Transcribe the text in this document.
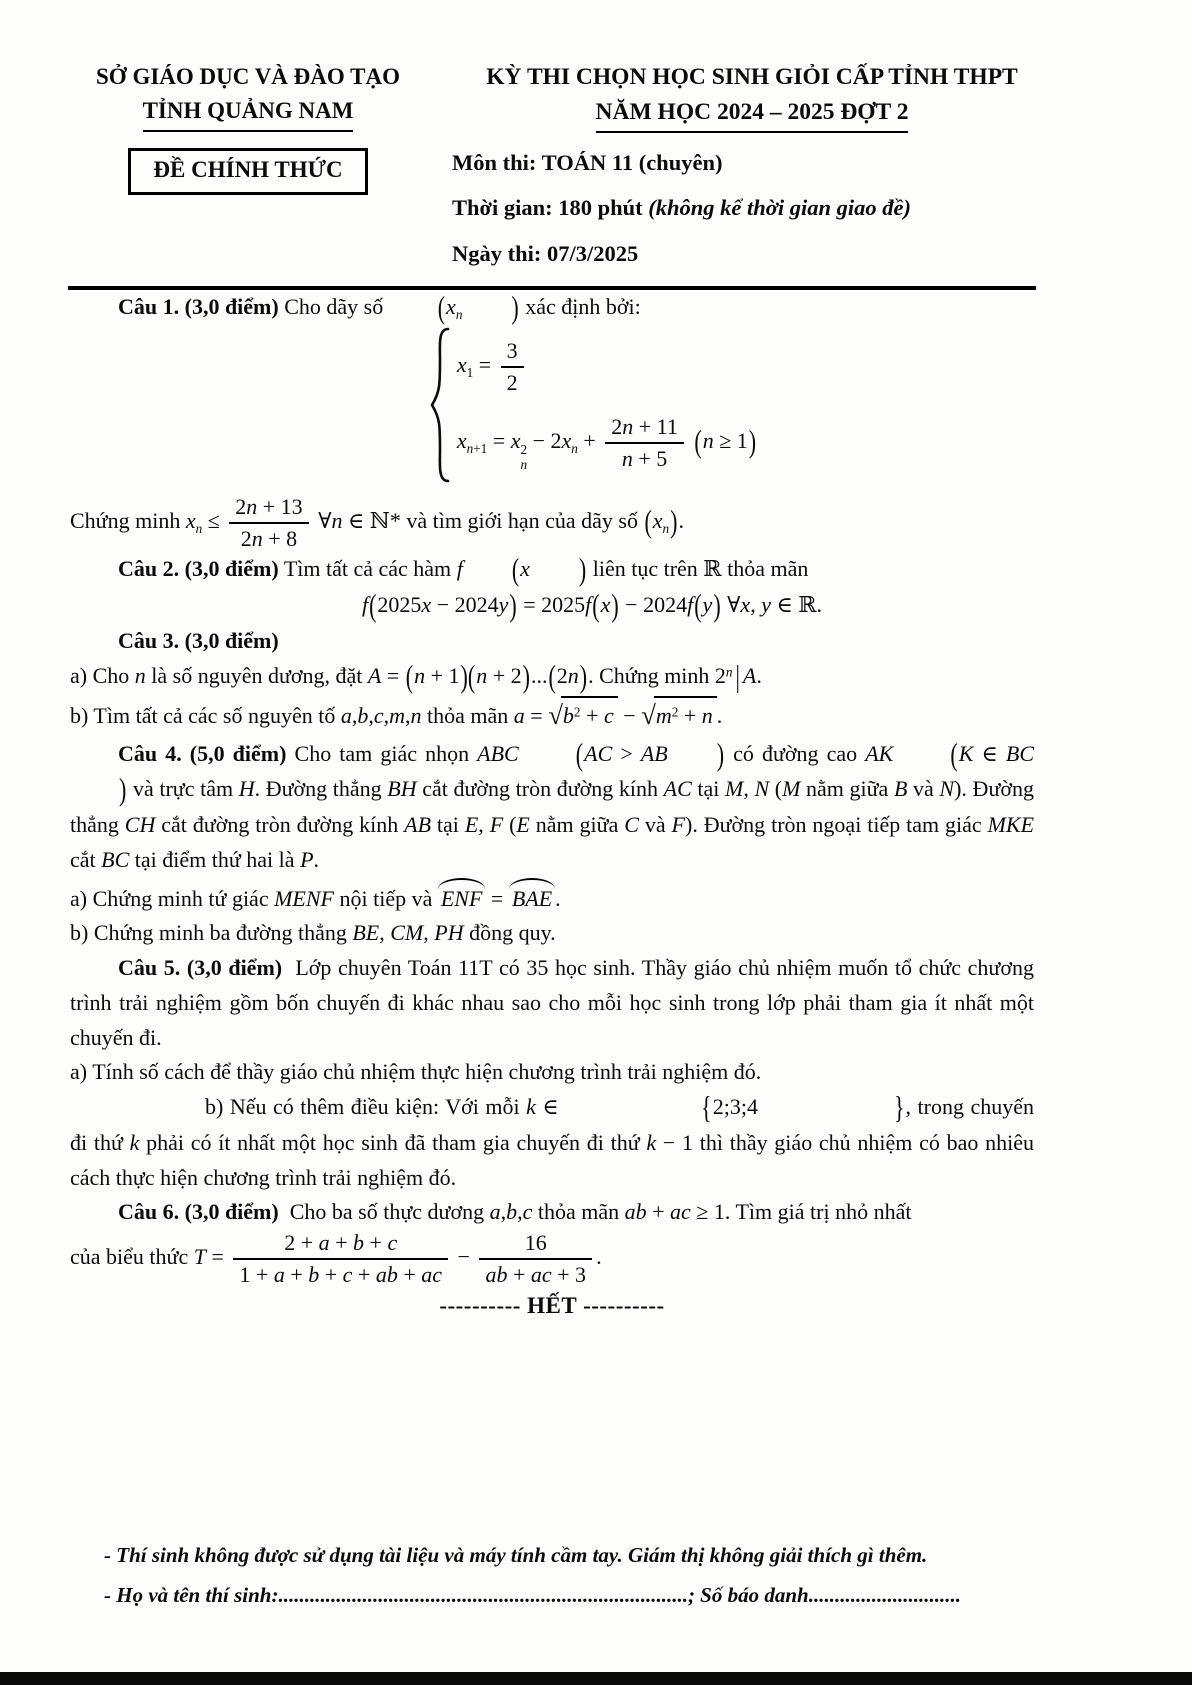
SỞ GIÁO DỤC VÀ ĐÀO TẠO
TỈNH QUẢNG NAM
ĐỀ CHÍNH THỨC
KỲ THI CHỌN HỌC SINH GIỎI CẤP TỈNH THPT
NĂM HỌC 2024 – 2025 ĐỢT 2
Môn thi: TOÁN 11 (chuyên)
Thời gian: 180 phút (không kể thời gian giao đề)
Ngày thi: 07/3/2025
Câu 1. (3,0 điểm) Cho dãy số ($x_n$ ) xác định bởi:
$x_1 = \frac{3}{2}$
$x_{n+1} = x$ 2
n
− $2x_n + \frac{2n + 11}{n + 5} (n \ge 1)$
Chứng minh $x_n \le \frac{2n + 13}{2n + 8}$ ∀n ∈ ℕ* và tìm giới hạn của dãy số $(x_n)$.
Câu 2. (3,0 điểm) Tìm tất cả các hàm f (x ) liên tục trên ℝ thỏa mãn
f(2025x − 2024y) = 2025f(x) − 2024f(y) ∀x, y ∈ ℝ.
Câu 3. (3,0 điểm)
a) Cho n là số nguyên dương, đặt A = (n + 1)(n + 2)...(2n). Chứng minh 2$^n$ | A.
b) Tìm tất cả các số nguyên tố a,b,c,m,n thỏa mãn $a = √b^2 + c - √m^2 + n$ .
Câu 4. (5,0 điểm) Cho tam giác nhọn ABC	(AC > AB ) có đường cao AK	(K ∈ BC) và trực tâm H. Đường thẳng BH cắt đường tròn đường kính AC tại M, N (M nằm giữa B và N). Đường thẳng CH cắt đường tròn đường kính AB tại E, F (E nằm giữa C và F). Đường tròn ngoại tiếp tam giác MKE cắt BC tại điểm thứ hai là P.
a) Chứng minh tứ giác MENF nội tiếp và ENF = BAE .
b) Chứng minh ba đường thẳng BE, CM, PH đồng quy.
Câu 5. (3,0 điểm)  Lớp chuyên Toán 11T có 35 học sinh. Thầy giáo chủ nhiệm muốn tổ chức chương trình trải nghiệm gồm bốn chuyến đi khác nhau sao cho mỗi học sinh trong lớp phải tham gia ít nhất một chuyến đi.
a) Tính số cách để thầy giáo chủ nhiệm thực hiện chương trình trải nghiệm đó.
b) Nếu có thêm điều kiện: Với mỗi k ∈	{2;3;4	}, trong chuyến đi thứ k phải có ít nhất một học sinh đã tham gia chuyến đi thứ k − 1 thì thầy giáo chủ nhiệm có bao nhiêu cách thực hiện chương trình trải nghiệm đó.
Câu 6. (3,0 điểm)  Cho ba số thực dương a,b,c thỏa mãn ab + ac ≥ 1. Tìm giá trị nhỏ nhất
của biểu thức $T = \frac{2 + a + b + c}{1 + a + b + c + ab + ac} - \frac{16}{ab + ac + 3}$ .
---------- HẾT ----------
- Thí sinh không được sử dụng tài liệu và máy tính cầm tay. Giám thị không giải thích gì thêm.
- Họ và tên thí sinh:..............................................................................; Số báo danh.............................
